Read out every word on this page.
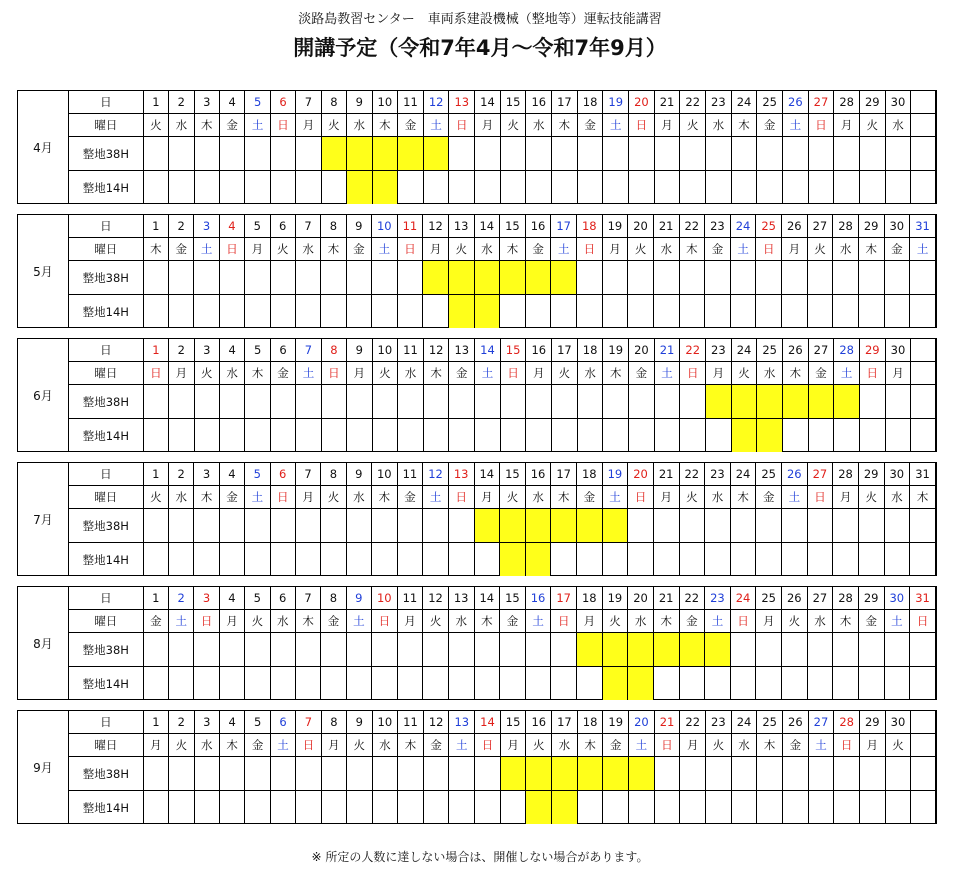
淡路島教習センター　車両系建設機械（整地等）運転技能講習
開講予定（令和7年4月～令和7年9月）
4月
日	1	2	3	4	5	6	7	8	9	10	11	12	13	14	15	16	17	18	19	20	21	22	23	24	25	26	27	28	29	30	
曜日	火	水	木	金	土	日	月	火	水	木	金	土	日	月	火	水	木	金	土	日	月	火	水	木	金	土	日	月	火	水	
整地38H																															
整地14H																															
5月
日	1	2	3	4	5	6	7	8	9	10	11	12	13	14	15	16	17	18	19	20	21	22	23	24	25	26	27	28	29	30	31
曜日	木	金	土	日	月	火	水	木	金	土	日	月	火	水	木	金	土	日	月	火	水	木	金	土	日	月	火	水	木	金	土
整地38H																															
整地14H																															
6月
日	1	2	3	4	5	6	7	8	9	10	11	12	13	14	15	16	17	18	19	20	21	22	23	24	25	26	27	28	29	30	
曜日	日	月	火	水	木	金	土	日	月	火	水	木	金	土	日	月	火	水	木	金	土	日	月	火	水	木	金	土	日	月	
整地38H																															
整地14H																															
7月
日	1	2	3	4	5	6	7	8	9	10	11	12	13	14	15	16	17	18	19	20	21	22	23	24	25	26	27	28	29	30	31
曜日	火	水	木	金	土	日	月	火	水	木	金	土	日	月	火	水	木	金	土	日	月	火	水	木	金	土	日	月	火	水	木
整地38H																															
整地14H																															
8月
日	1	2	3	4	5	6	7	8	9	10	11	12	13	14	15	16	17	18	19	20	21	22	23	24	25	26	27	28	29	30	31
曜日	金	土	日	月	火	水	木	金	土	日	月	火	水	木	金	土	日	月	火	水	木	金	土	日	月	火	水	木	金	土	日
整地38H																															
整地14H																															
9月
日	1	2	3	4	5	6	7	8	9	10	11	12	13	14	15	16	17	18	19	20	21	22	23	24	25	26	27	28	29	30	
曜日	月	火	水	木	金	土	日	月	火	水	木	金	土	日	月	火	水	木	金	土	日	月	火	水	木	金	土	日	月	火	
整地38H																															
整地14H																															
※ 所定の人数に達しない場合は、開催しない場合があります。
